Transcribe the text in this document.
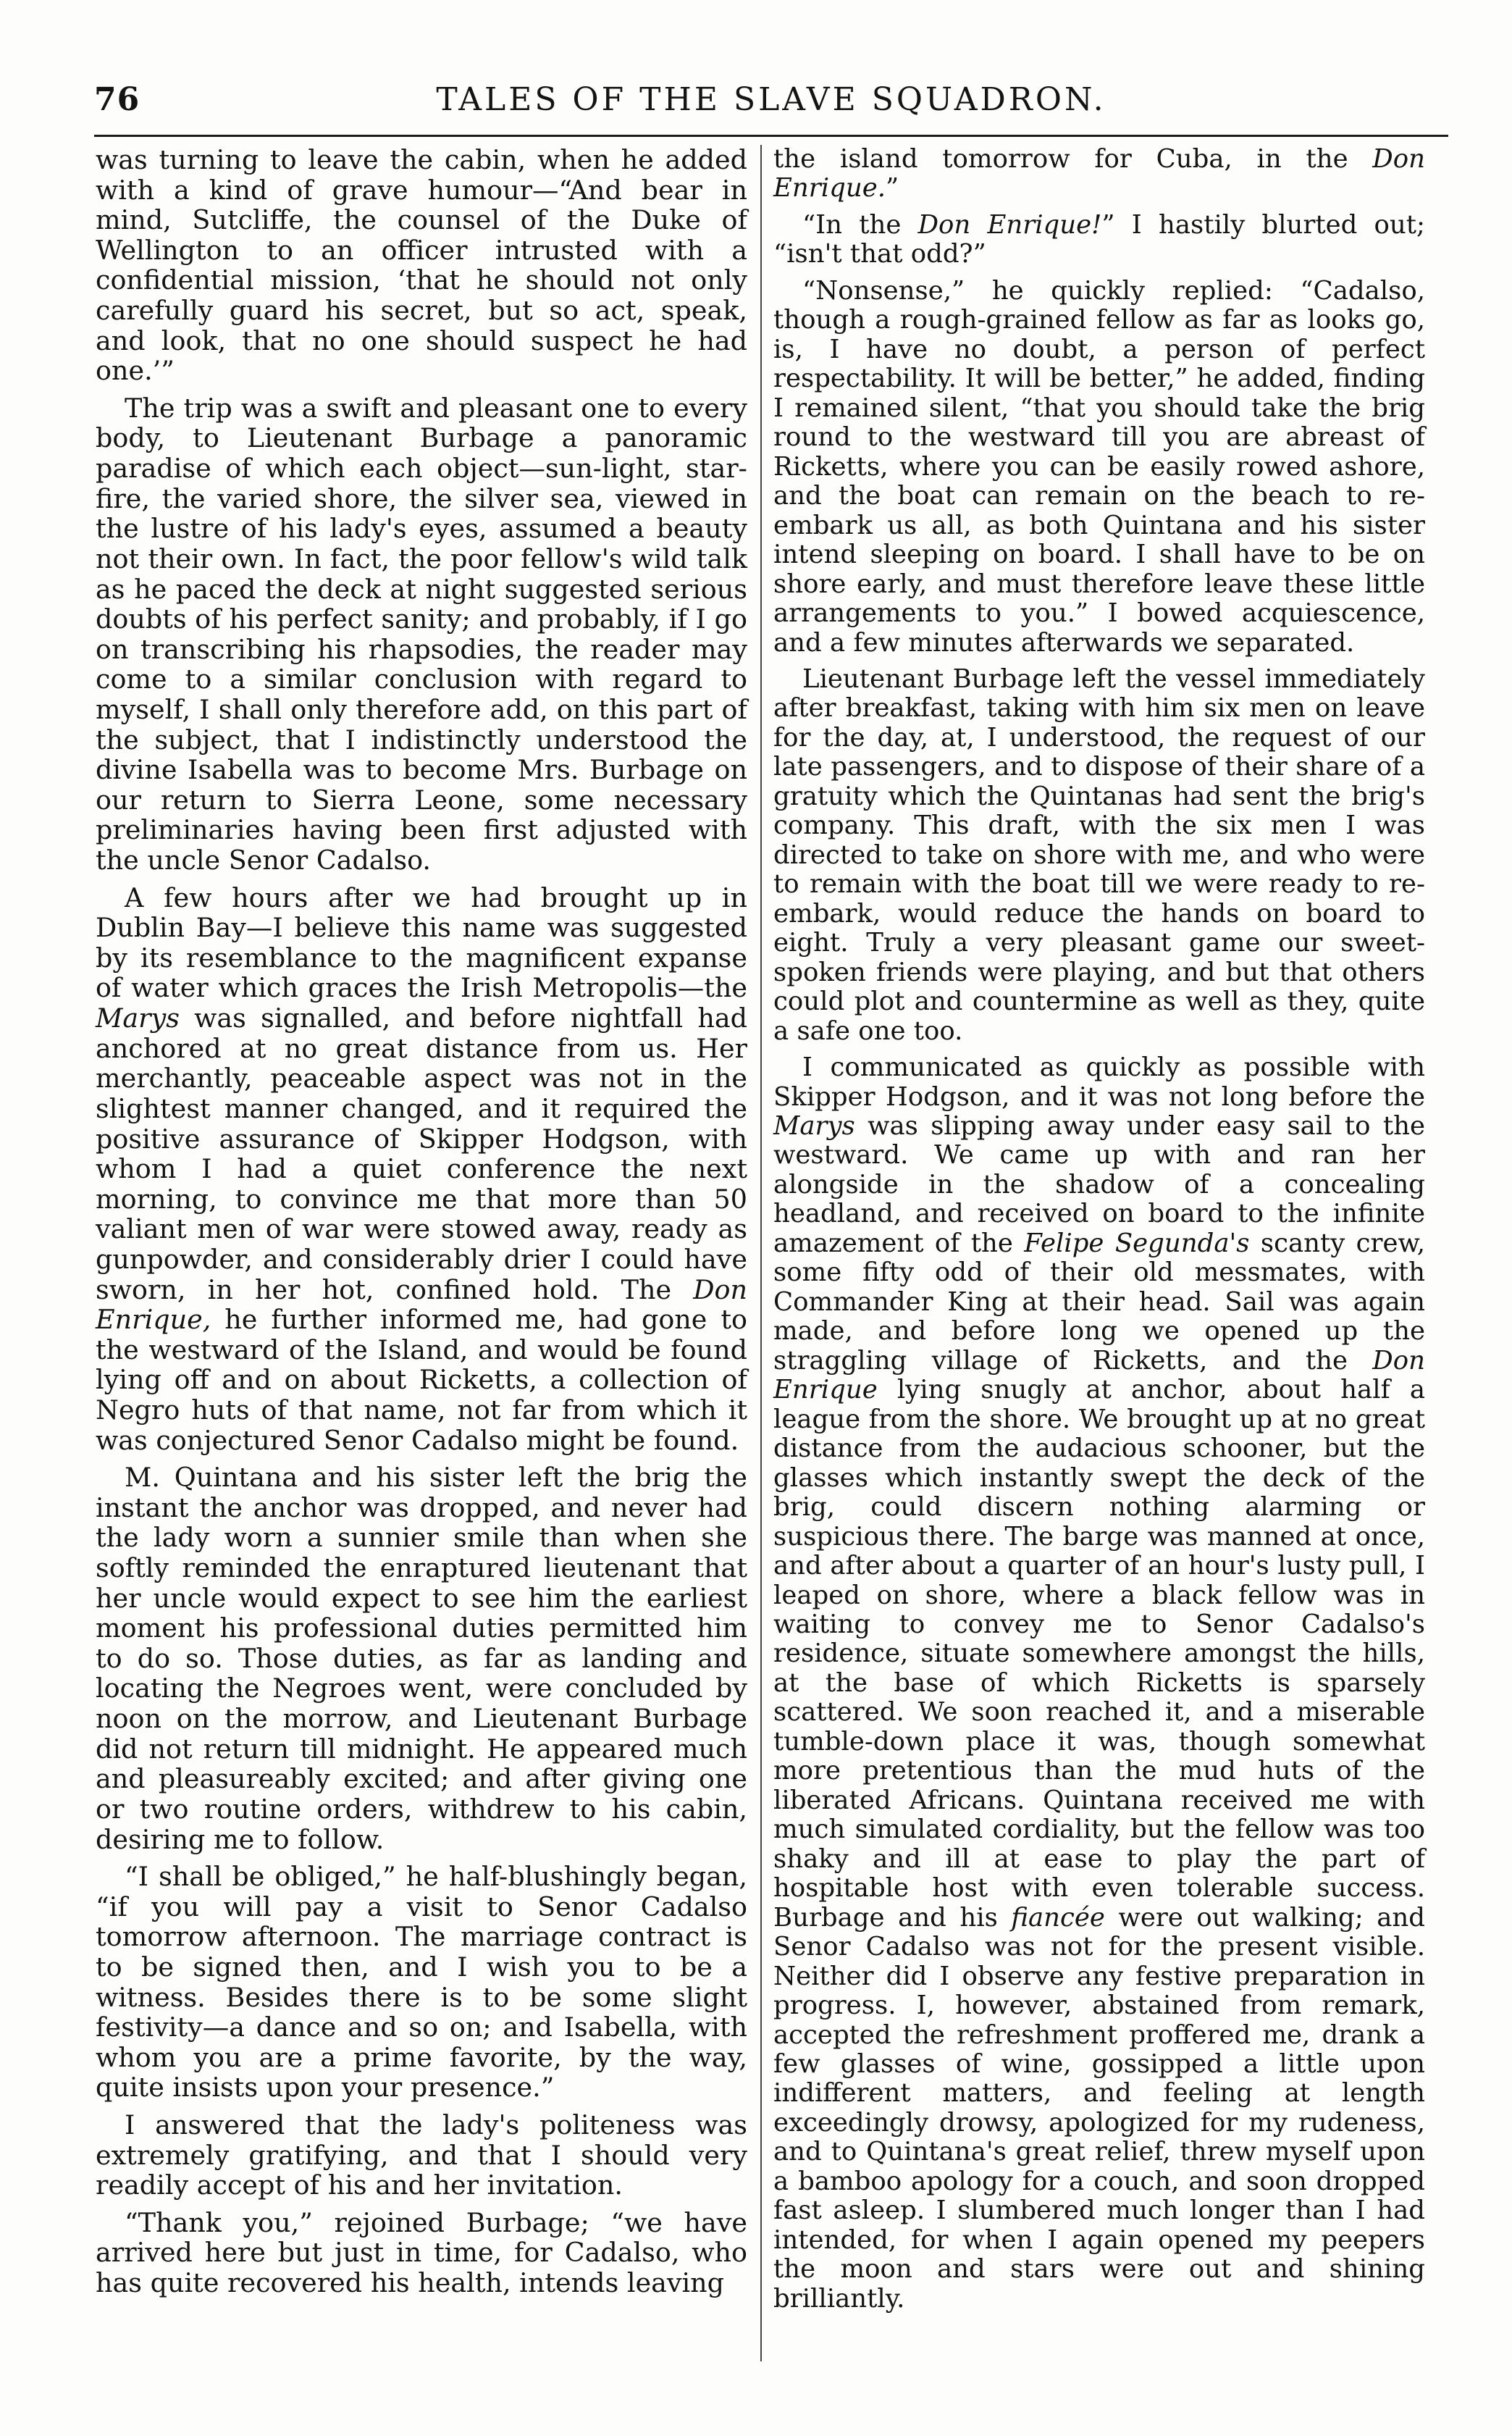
76	TALES OF THE SLAVE SQUADRON.

was turning to leave the cabin, when he added with a kind of grave humour—“And bear in mind, Sutcliffe, the counsel of the Duke of Wellington to an officer intrusted with a confidential mission, ‘that he should not only carefully guard his secret, but so act, speak, and look, that no one should suspect he had one.’”

The trip was a swift and pleasant one to every body, to Lieutenant Burbage a panoramic paradise of which each object—sun-light, star-fire, the varied shore, the silver sea, viewed in the lustre of his lady's eyes, assumed a beauty not their own. In fact, the poor fellow's wild talk as he paced the deck at night suggested serious doubts of his perfect sanity; and probably, if I go on transcribing his rhapsodies, the reader may come to a similar conclusion with regard to myself, I shall only therefore add, on this part of the subject, that I indistinctly understood the divine Isabella was to become Mrs. Burbage on our return to Sierra Leone, some necessary preliminaries having been first adjusted with the uncle Senor Cadalso.

A few hours after we had brought up in Dublin Bay—I believe this name was suggested by its resemblance to the magnificent expanse of water which graces the Irish Metropolis—the Marys was signalled, and before nightfall had anchored at no great distance from us. Her merchantly, peaceable aspect was not in the slightest manner changed, and it required the positive assurance of Skipper Hodgson, with whom I had a quiet conference the next morning, to convince me that more than 50 valiant men of war were stowed away, ready as gunpowder, and considerably drier I could have sworn, in her hot, confined hold. The Don Enrique, he further informed me, had gone to the westward of the Island, and would be found lying off and on about Ricketts, a collection of Negro huts of that name, not far from which it was conjectured Senor Cadalso might be found.

M. Quintana and his sister left the brig the instant the anchor was dropped, and never had the lady worn a sunnier smile than when she softly reminded the enraptured lieutenant that her uncle would expect to see him the earliest moment his professional duties permitted him to do so. Those duties, as far as landing and locating the Negroes went, were concluded by noon on the morrow, and Lieutenant Burbage did not return till midnight. He appeared much and pleasureably excited; and after giving one or two routine orders, withdrew to his cabin, desiring me to follow.

“I shall be obliged,” he half-blushingly began, “if you will pay a visit to Senor Cadalso tomorrow afternoon. The marriage contract is to be signed then, and I wish you to be a witness. Besides there is to be some slight festivity—a dance and so on; and Isabella, with whom you are a prime favorite, by the way, quite insists upon your presence.”

I answered that the lady's politeness was extremely gratifying, and that I should very readily accept of his and her invitation.

“Thank you,” rejoined Burbage; “we have arrived here but just in time, for Cadalso, who has quite recovered his health, intends leaving

the island tomorrow for Cuba, in the Don Enrique.”

“In the Don Enrique!” I hastily blurted out; “isn't that odd?”

“Nonsense,” he quickly replied: “Cadalso, though a rough-grained fellow as far as looks go, is, I have no doubt, a person of perfect respectability. It will be better,” he added, finding I remained silent, “that you should take the brig round to the westward till you are abreast of Ricketts, where you can be easily rowed ashore, and the boat can remain on the beach to re-embark us all, as both Quintana and his sister intend sleeping on board. I shall have to be on shore early, and must therefore leave these little arrangements to you.” I bowed acquiescence, and a few minutes afterwards we separated.

Lieutenant Burbage left the vessel immediately after breakfast, taking with him six men on leave for the day, at, I understood, the request of our late passengers, and to dispose of their share of a gratuity which the Quintanas had sent the brig's company. This draft, with the six men I was directed to take on shore with me, and who were to remain with the boat till we were ready to re-embark, would reduce the hands on board to eight. Truly a very pleasant game our sweet-spoken friends were playing, and but that others could plot and countermine as well as they, quite a safe one too.

I communicated as quickly as possible with Skipper Hodgson, and it was not long before the Marys was slipping away under easy sail to the westward. We came up with and ran her alongside in the shadow of a concealing headland, and received on board to the infinite amazement of the Felipe Segunda's scanty crew, some fifty odd of their old messmates, with Commander King at their head. Sail was again made, and before long we opened up the straggling village of Ricketts, and the Don Enrique lying snugly at anchor, about half a league from the shore. We brought up at no great distance from the audacious schooner, but the glasses which instantly swept the deck of the brig, could discern nothing alarming or suspicious there. The barge was manned at once, and after about a quarter of an hour's lusty pull, I leaped on shore, where a black fellow was in waiting to convey me to Senor Cadalso's residence, situate somewhere amongst the hills, at the base of which Ricketts is sparsely scattered. We soon reached it, and a miserable tumble-down place it was, though somewhat more pretentious than the mud huts of the liberated Africans. Quintana received me with much simulated cordiality, but the fellow was too shaky and ill at ease to play the part of hospitable host with even tolerable success. Burbage and his fiancée were out walking; and Senor Cadalso was not for the present visible. Neither did I observe any festive preparation in progress. I, however, abstained from remark, accepted the refreshment proffered me, drank a few glasses of wine, gossipped a little upon indifferent matters, and feeling at length exceedingly drowsy, apologized for my rudeness, and to Quintana's great relief, threw myself upon a bamboo apology for a couch, and soon dropped fast asleep. I slumbered much longer than I had intended, for when I again opened my peepers the moon and stars were out and shining brilliantly.
